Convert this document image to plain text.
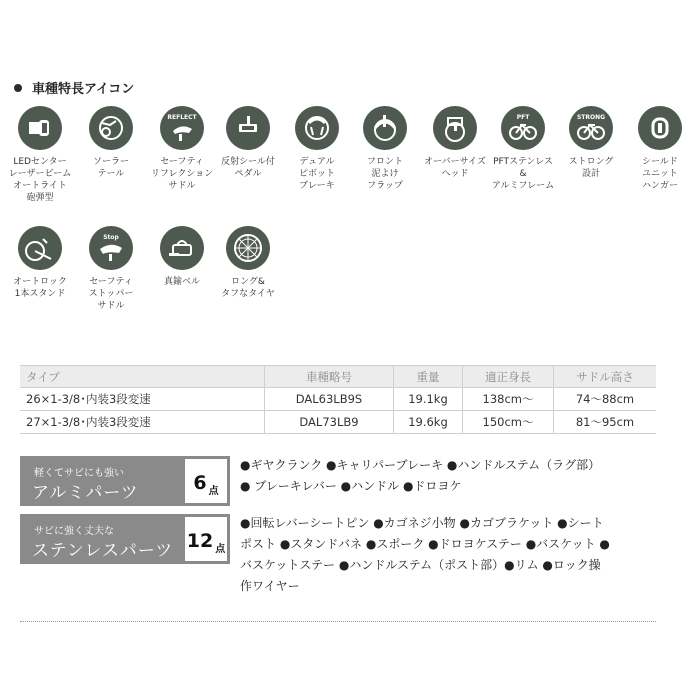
車種特長アイコン
LEDセンター
レーザービーム
オートライト
砲弾型
ソーラー
テール
REFLECT
セーフティ
リフレクション
サドル
反射シール付
ペダル
デュアル
ピボット
ブレーキ
フロント
泥よけ
フラップ
オーバーサイズ
ヘッド
PFT
PFTステンレス
&
アルミフレーム
STRONG
ストロング
設計
シールド
ユニット
ハンガー
オートロック
1本スタンド
Stop
セーフティ
ストッパー
サドル
真鍮ベル	ロング&
タフなタイヤ
タイプ	車種略号	重量	適正身長	サドル高さ
26×1-3/8･内装3段変速	DAL63LB9S	19.1kg	138cm～	74～88cm
27×1-3/8･内装3段変速	DAL73LB9	19.6kg	150cm～	81～95cm
軽くてサビにも強い
アルミパーツ	6 点
●ギヤクランク ●キャリパーブレーキ ●ハンドルステム（ラグ部）● ブレーキレバー ●ハンドル ●ドロヨケ
サビに強く丈夫な
ステンレスパーツ 12 点
●回転レバーシートピン ●カゴネジ小物 ●カゴブラケット ●シートポスト ●スタンドバネ ●スポーク ●ドロヨケステー ●バスケット ●バスケットステー ●ハンドルステム（ポスト部）●リム ●ロック操作ワイヤー
